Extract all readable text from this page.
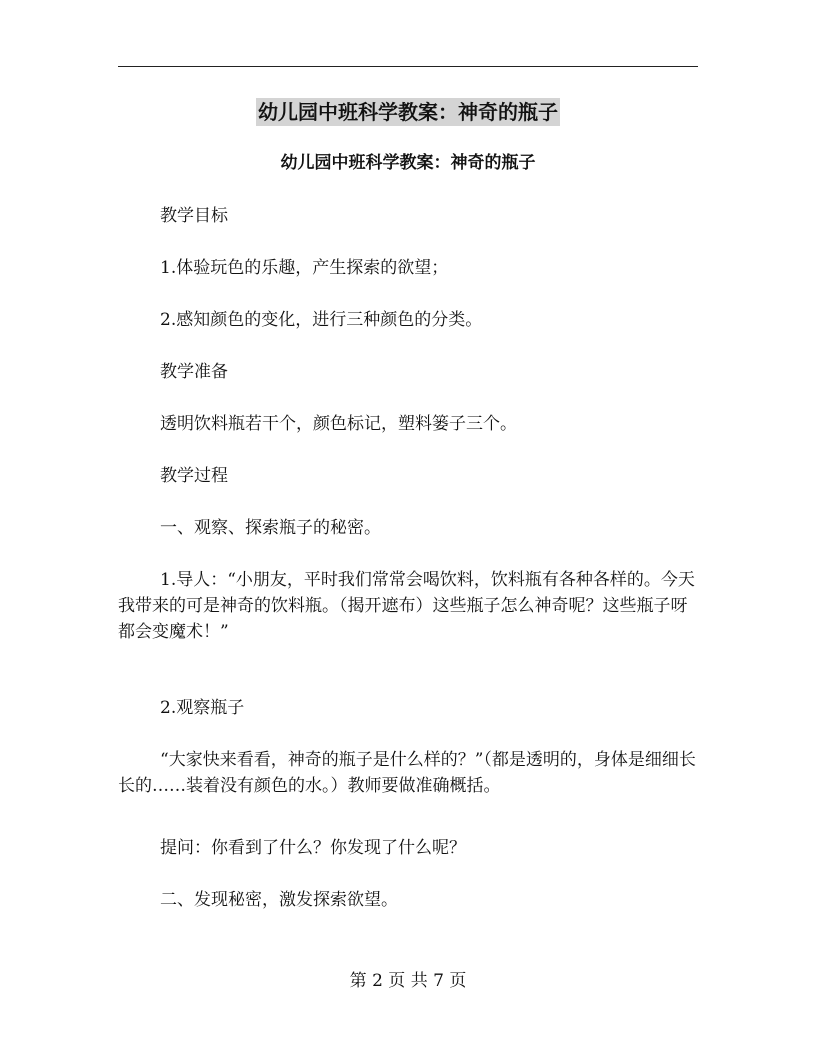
幼儿园中班科学教案：神奇的瓶子
幼儿园中班科学教案：神奇的瓶子
教学目标
1.体验玩色的乐趣，产生探索的欲望；
2.感知颜色的变化，进行三种颜色的分类。
教学准备
透明饮料瓶若干个，颜色标记，塑料篓子三个。
教学过程
一、观察、探索瓶子的秘密。
1.导人：“小朋友，平时我们常常会喝饮料，饮料瓶有各种各样的。今天我带来的可是神奇的饮料瓶。（揭开遮布）这些瓶子怎么神奇呢？这些瓶子呀都会变魔术！”
2.观察瓶子
“大家快来看看，神奇的瓶子是什么样的？”（都是透明的，身体是细细长长的……装着没有颜色的水。）教师要做准确概括。
提问：你看到了什么？你发现了什么呢？
二、发现秘密，激发探索欲望。
第 2 页 共 7 页
